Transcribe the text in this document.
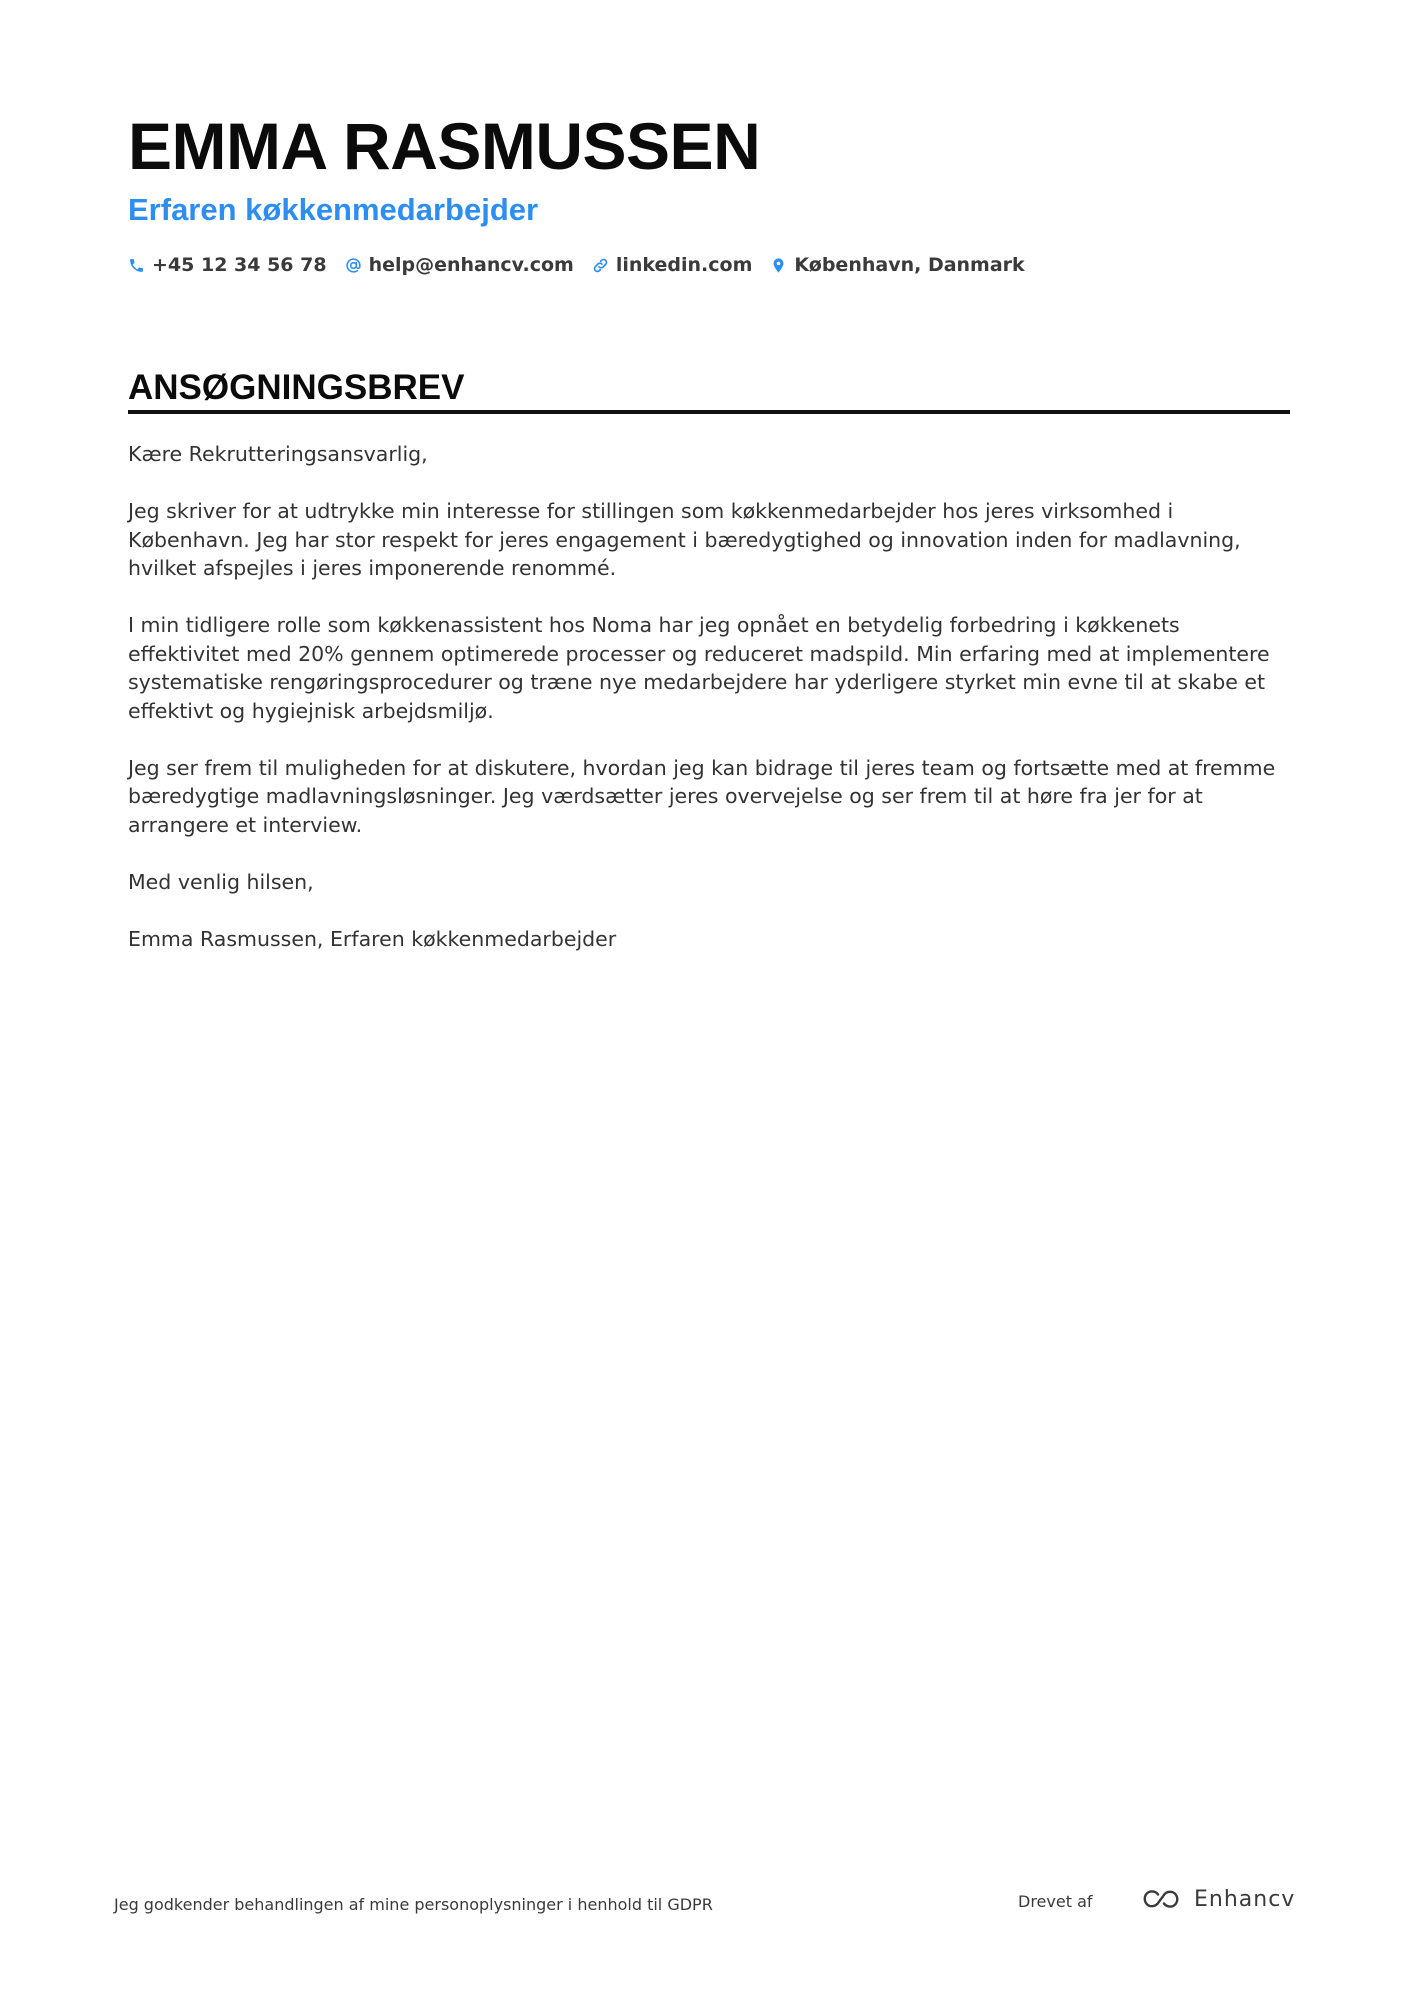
EMMA RASMUSSEN
Erfaren køkkenmedarbejder
+45 12 34 56 78 help@enhancv.com linkedin.com København, Danmark
ANSØGNINGSBREV

Kære Rekrutteringsansvarlig,

Jeg skriver for at udtrykke min interesse for stillingen som køkkenmedarbejder hos jeres virksomhed i København. Jeg har stor respekt for jeres engagement i bæredygtighed og innovation inden for madlavning, hvilket afspejles i jeres imponerende renommé.

I min tidligere rolle som køkkenassistent hos Noma har jeg opnået en betydelig forbedring i køkkenets effektivitet med 20% gennem optimerede processer og reduceret madspild. Min erfaring med at implementere systematiske rengøringsprocedurer og træne nye medarbejdere har yderligere styrket min evne til at skabe et effektivt og hygiejnisk arbejdsmiljø.

Jeg ser frem til muligheden for at diskutere, hvordan jeg kan bidrage til jeres team og fortsætte med at fremme bæredygtige madlavningsløsninger. Jeg værdsætter jeres overvejelse og ser frem til at høre fra jer for at arrangere et interview.

Med venlig hilsen,

Emma Rasmussen, Erfaren køkkenmedarbejder

Jeg godkender behandlingen af mine personoplysninger i henhold til GDPR	Drevet af	Enhancv
